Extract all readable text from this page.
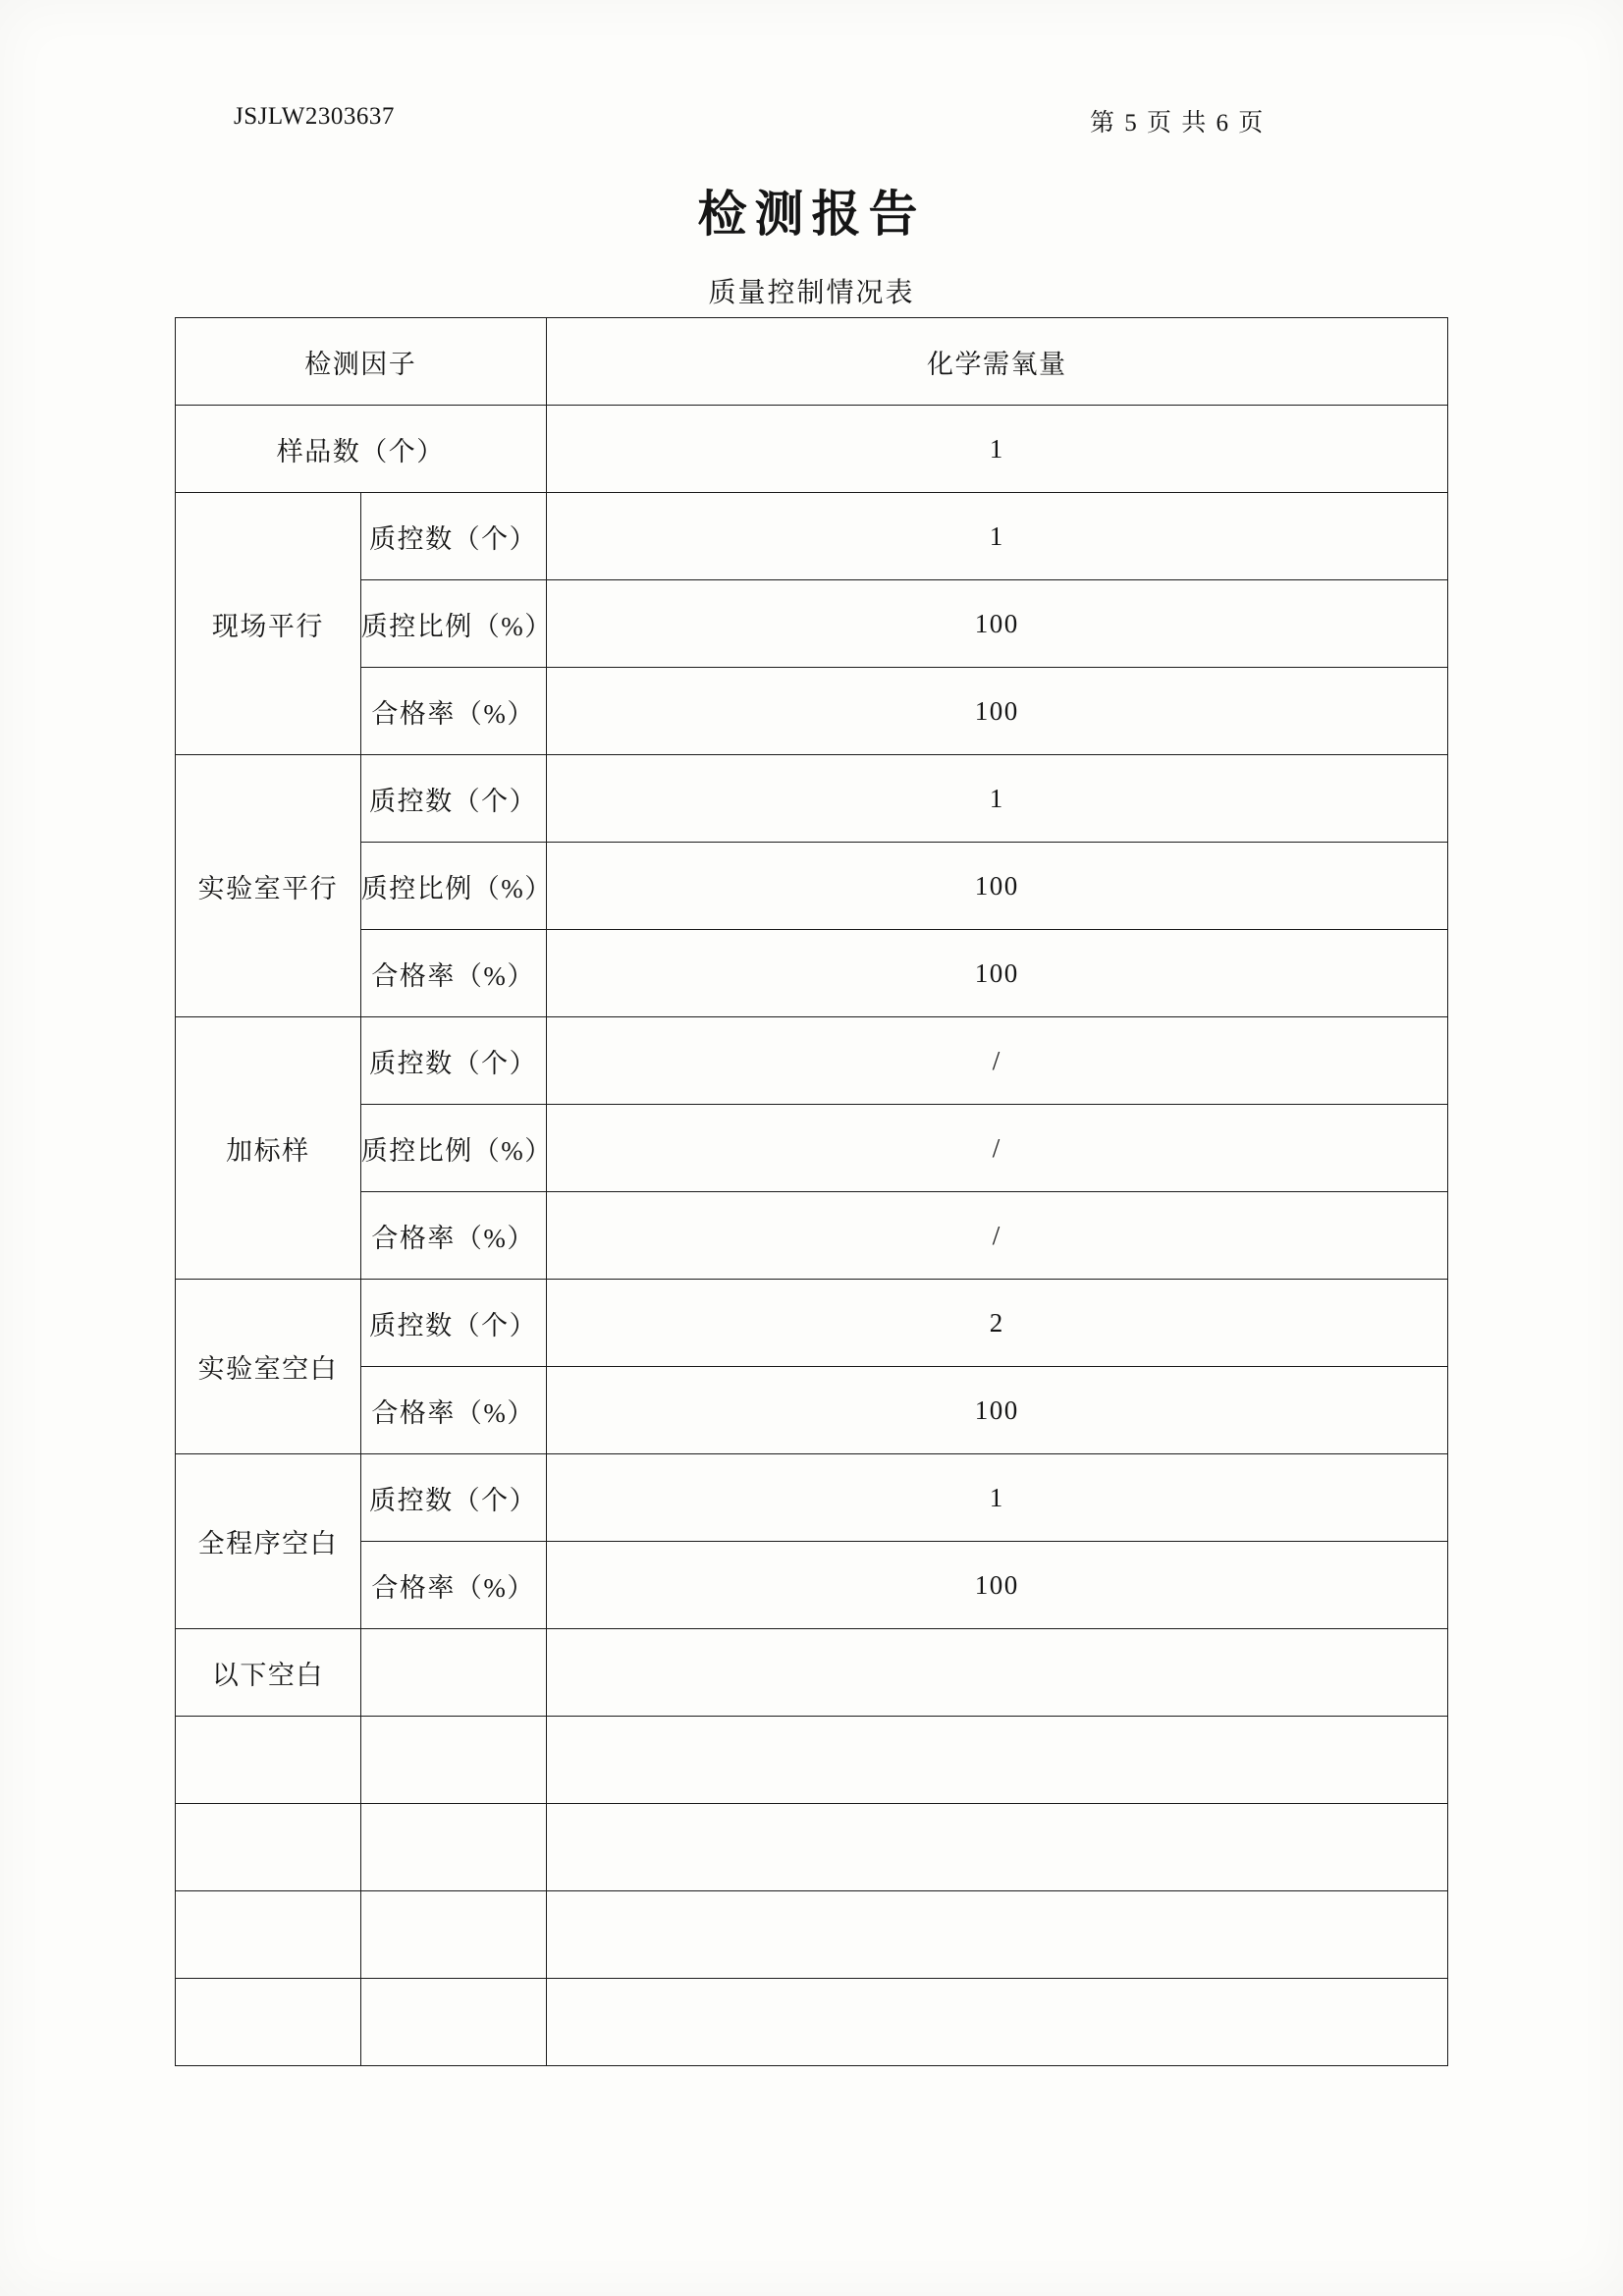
JSJLW2303637	第 5 页 共 6 页
检测报告
质量控制情况表
检测因子		化学需氧量
样品数（个）		1
现场平行	质控数（个）	1
	质控比例（%）	100
	合格率（%）	100
实验室平行	质控数（个）	1
	质控比例（%）	100
	合格率（%）	100
加标样	质控数（个）	/
	质控比例（%）	/
	合格率（%）	/
实验室空白	质控数（个）	2
	合格率（%）	100
全程序空白	质控数（个）	1
	合格率（%）	100
以下空白		
